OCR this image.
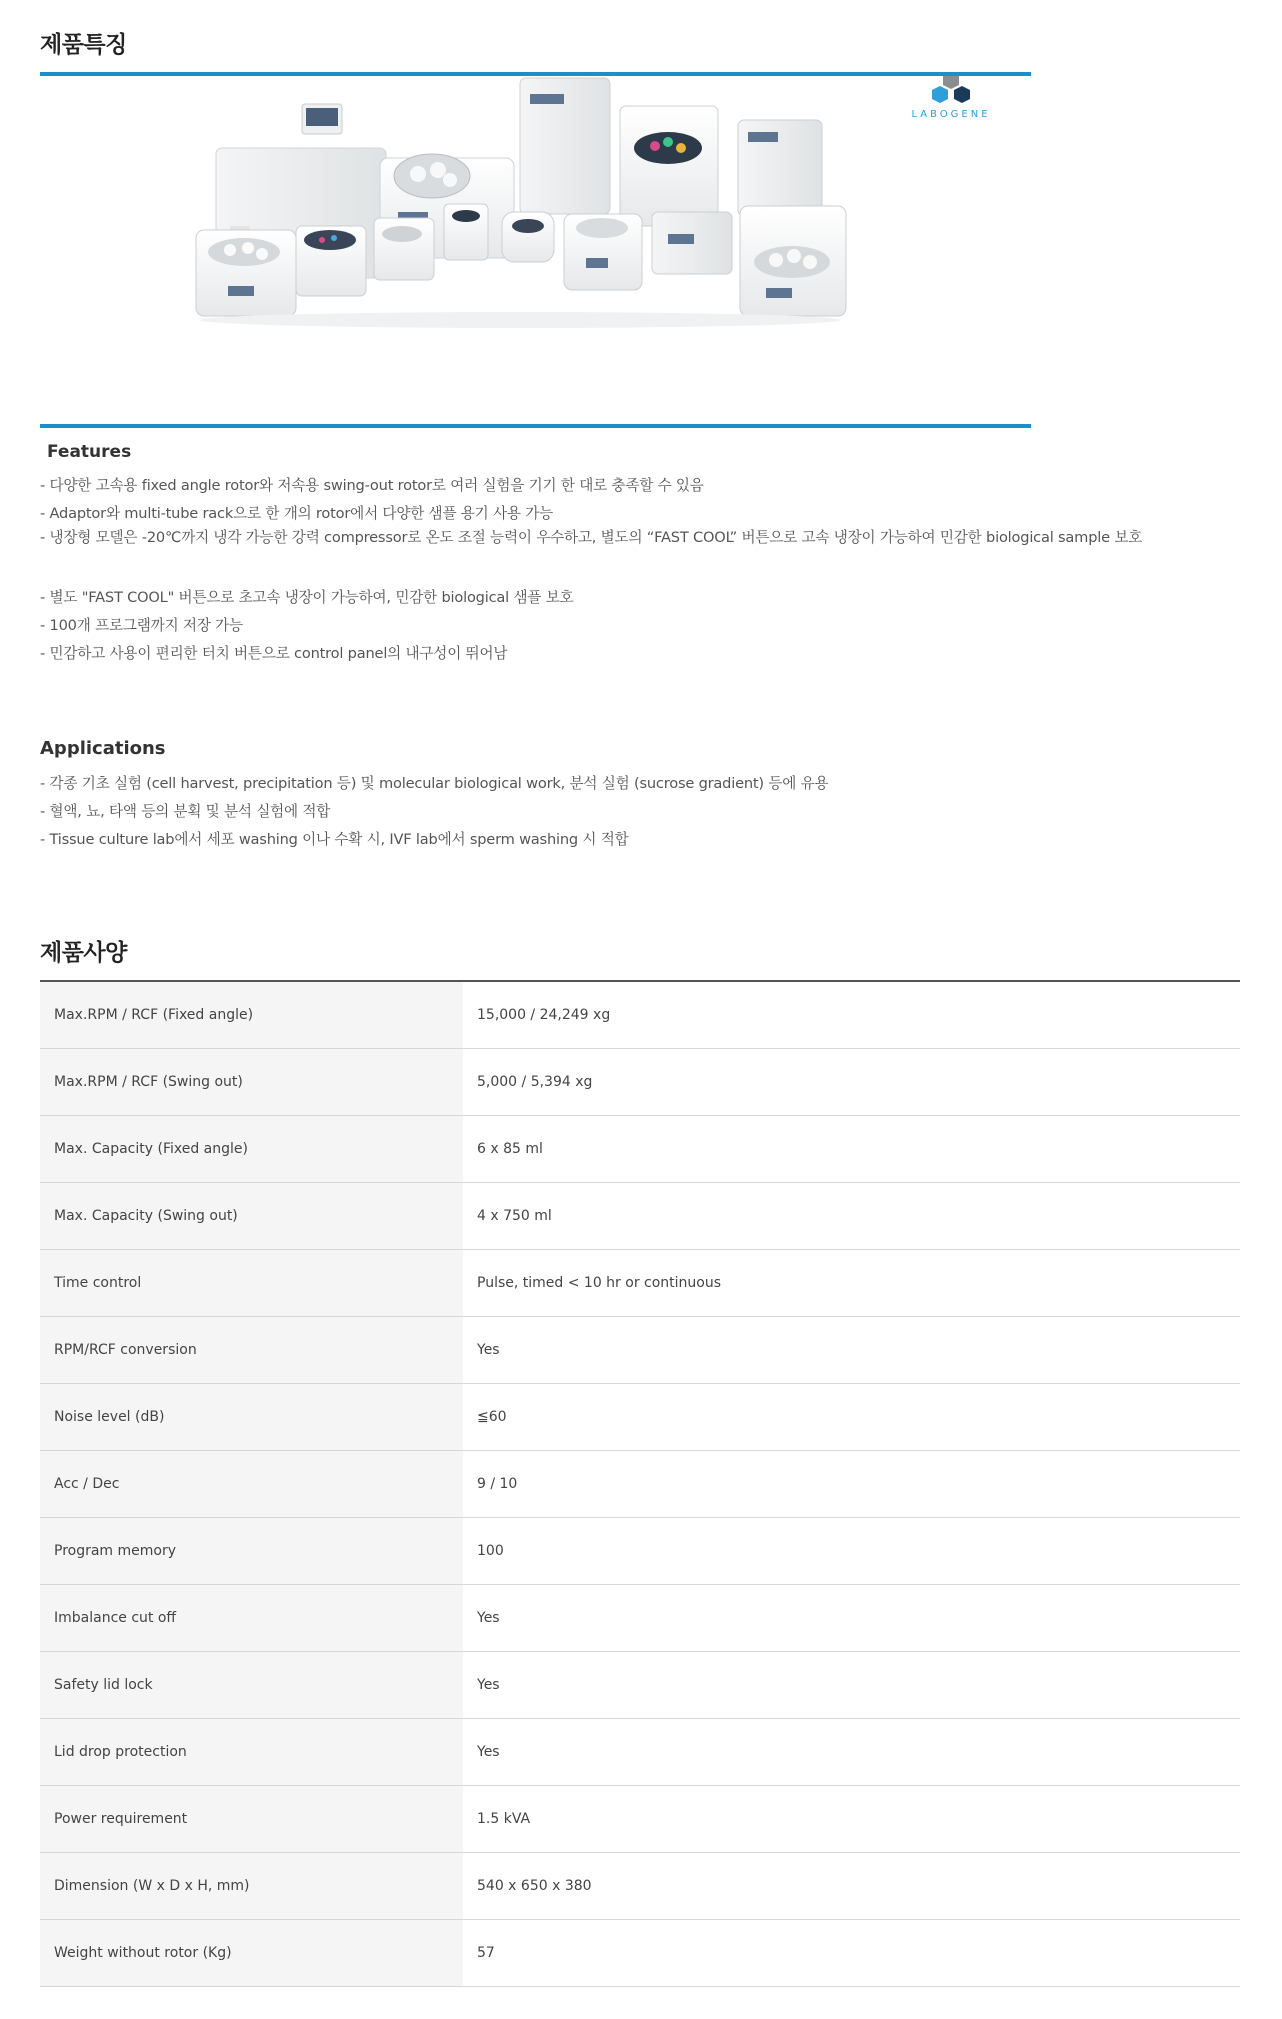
제품특징
LABOGENE
Features
- 다양한 고속용 fixed angle rotor와 저속용 swing-out rotor로 여러 실험을 기기 한 대로 충족할 수 있음
- Adaptor와 multi-tube rack으로 한 개의 rotor에서 다양한 샘플 용기 사용 가능
- 냉장형 모델은 -20℃까지 냉각 가능한 강력 compressor로 온도 조절 능력이 우수하고, 별도의 “FAST COOL” 버튼으로 고속 냉장이 가능하여 민감한 biological sample 보호
- 별도 "FAST COOL" 버튼으로 초고속 냉장이 가능하여, 민감한 biological 샘플 보호
- 100개 프로그램까지 저장 가능
- 민감하고 사용이 편리한 터치 버튼으로 control panel의 내구성이 뛰어남
Applications
- 각종 기초 실험 (cell harvest, precipitation 등) 및 molecular biological work, 분석 실험 (sucrose gradient) 등에 유용
- 혈액, 뇨, 타액 등의 분획 및 분석 실험에 적합
- Tissue culture lab에서 세포 washing 이나 수확 시, IVF lab에서 sperm washing 시 적합
제품사양
Max.RPM / RCF (Fixed angle)	15,000 / 24,249 xg
Max.RPM / RCF (Swing out)	5,000 / 5,394 xg
Max. Capacity (Fixed angle)	6 x 85 ml
Max. Capacity (Swing out)	4 x 750 ml
Time control	Pulse, timed < 10 hr or continuous
RPM/RCF conversion	Yes
Noise level (dB)	≦60
Acc / Dec	9 / 10
Program memory	100
Imbalance cut off	Yes
Safety lid lock	Yes
Lid drop protection	Yes
Power requirement	1.5 kVA
Dimension (W x D x H, mm)	540 x 650 x 380
Weight without rotor (Kg)	57
